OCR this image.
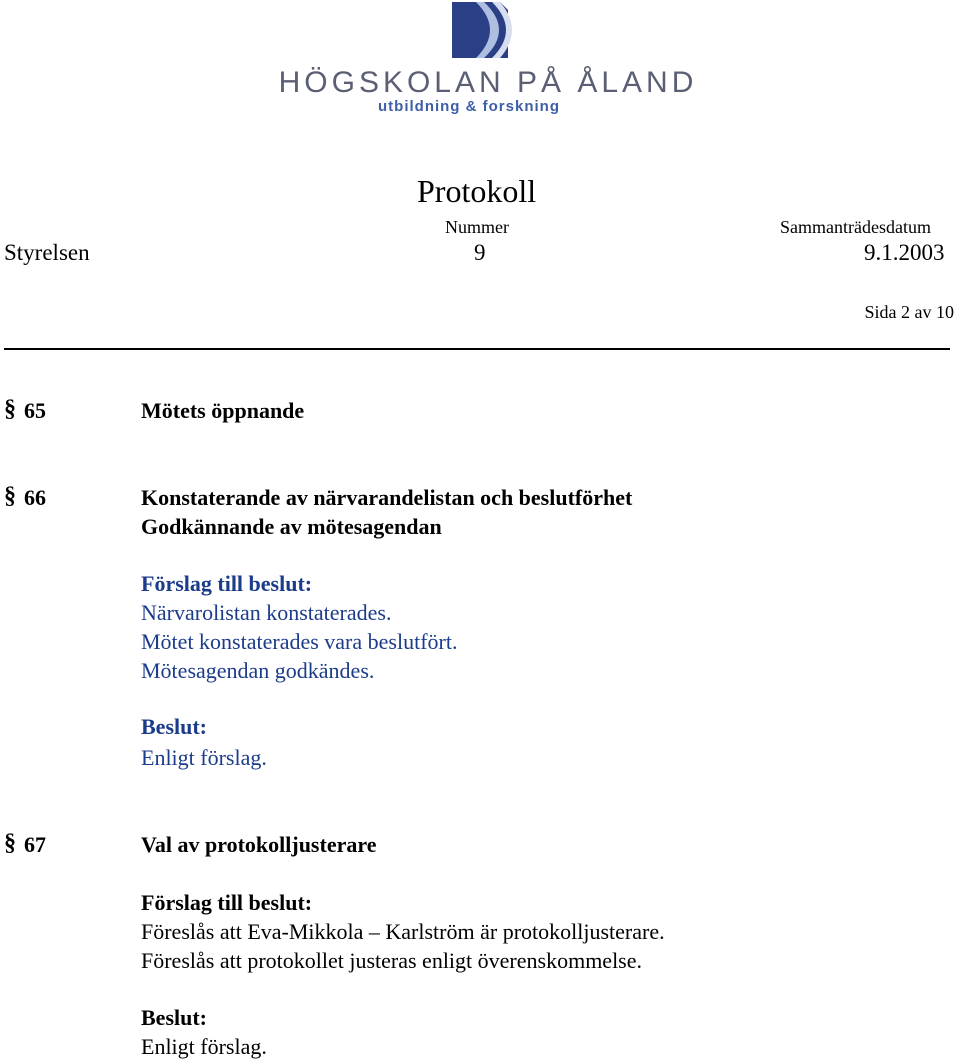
HÖGSKOLAN PÅ ÅLAND
utbildning & forskning
Protokoll
Nummer	Sammanträdesdatum
Styrelsen	9	9.1.2003
Sida 2 av 10
§ 65	Mötets öppnande
§ 66	Konstaterande av närvarandelistan och beslutförhet
Godkännande av mötesagendan
Förslag till beslut:
Närvarolistan konstaterades.
Mötet konstaterades vara beslutfört.
Mötesagendan godkändes.
Beslut:
Enligt förslag.
§ 67	Val av protokolljusterare
Förslag till beslut:
Föreslås att Eva-Mikkola – Karlström är protokolljusterare.
Föreslås att protokollet justeras enligt överenskommelse.
Beslut:
Enligt förslag.
